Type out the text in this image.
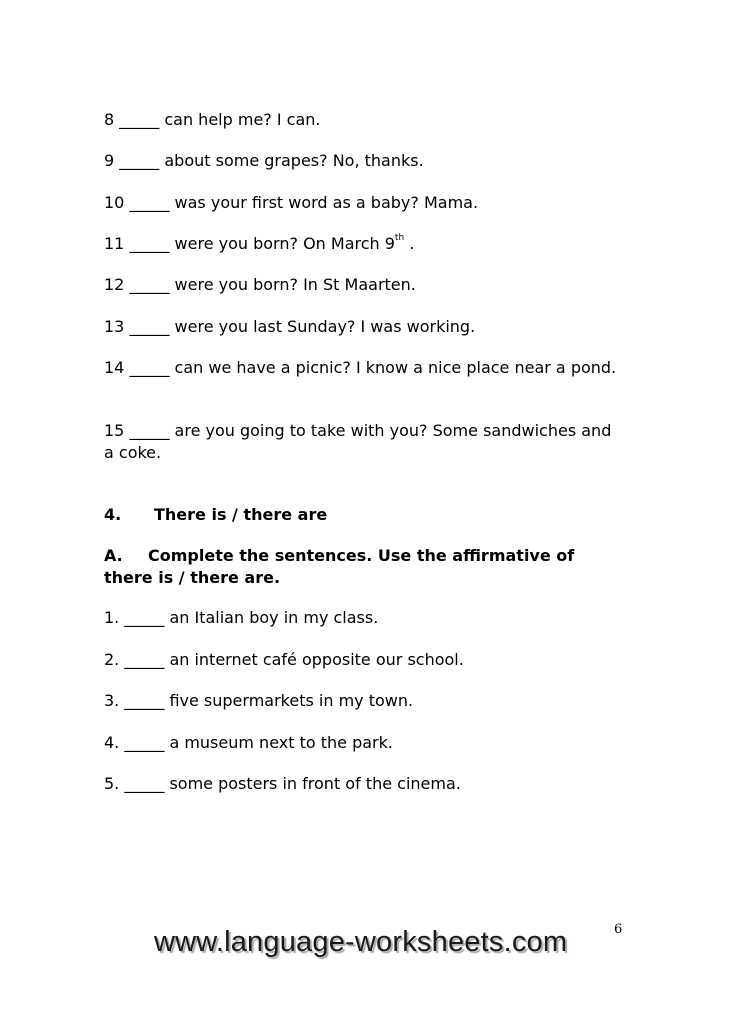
8 _____ can help me? I can.
9 _____ about some grapes? No, thanks.
10 _____ was your first word as a baby? Mama.
11 _____ were you born? On March 9th .
12 _____ were you born? In St Maarten.
13 _____ were you last Sunday? I was working.
14 _____ can we have a picnic? I know a nice place near a pond.
15 _____ are you going to take with you? Some sandwiches and a coke.
4. There is / there are
A. Complete the sentences. Use the affirmative of there is / there are.
1. _____ an Italian boy in my class.
2. _____ an internet café opposite our school.
3. _____ five supermarkets in my town.
4. _____ a museum next to the park.
5. _____ some posters in front of the cinema.
6
www.language-worksheets.com
